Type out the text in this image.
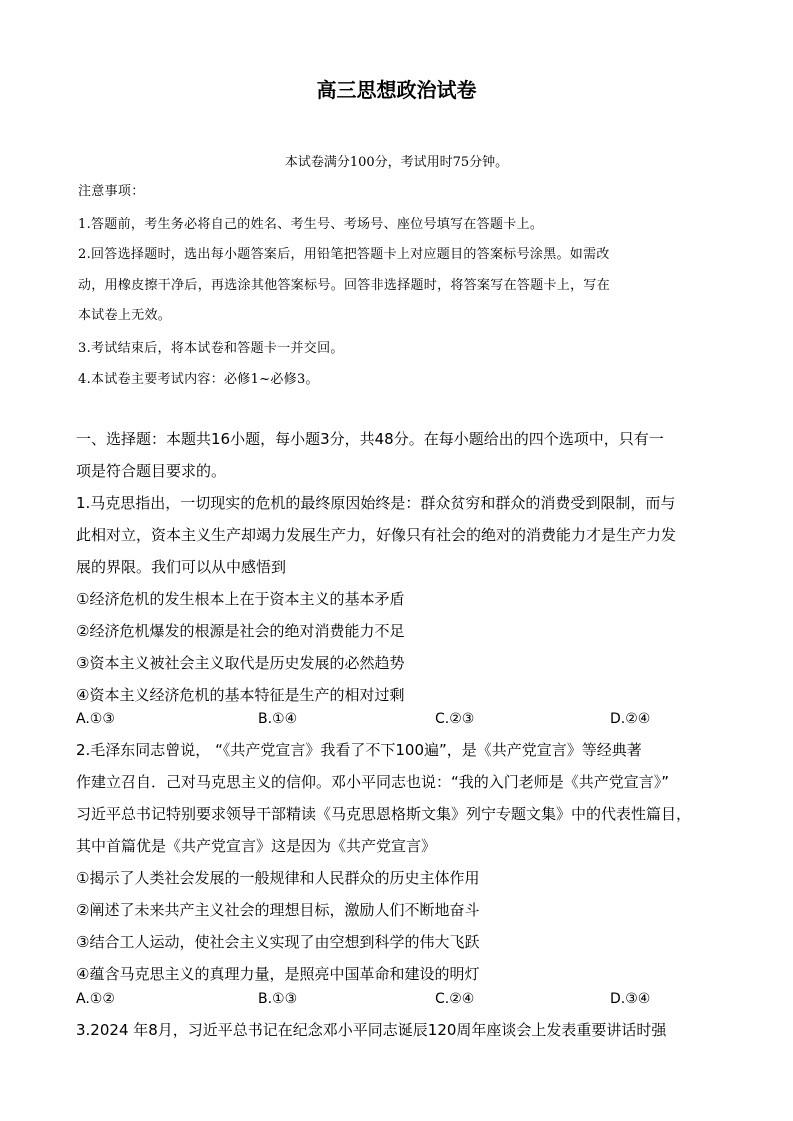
高三思想政治试卷
本试卷满分100分，考试用时75分钟。
注意事项：
1.答题前，考生务必将自己的姓名、考生号、考场号、座位号填写在答题卡上。
2.回答选择题时，选出每小题答案后，用铅笔把答题卡上对应题目的答案标号涂黑。如需改
动，用橡皮擦干净后，再选涂其他答案标号。回答非选择题时，将答案写在答题卡上，写在
本试卷上无效。
3.考试结束后，将本试卷和答题卡一并交回。
4.本试卷主要考试内容：必修1~必修3。
一、选择题：本题共16小题，每小题3分，共48分。在每小题给出的四个选项中，只有一
项是符合题目要求的。
1.马克思指出，一切现实的危机的最终原因始终是：群众贫穷和群众的消费受到限制，而与
此相对立，资本主义生产却竭力发展生产力，好像只有社会的绝对的消费能力才是生产力发
展的界限。我们可以从中感悟到
①经济危机的发生根本上在于资本主义的基本矛盾
②经济危机爆发的根源是社会的绝对消费能力不足
③资本主义被社会主义取代是历史发展的必然趋势
④资本主义经济危机的基本特征是生产的相对过剩
A.①③	B.①④	C.②③	D.②④
2.毛泽东同志曾说， “《共产党宣言》我看了不下100遍”，是《共产党宣言》等经典著
作建立召自．己对马克思主义的信仰。邓小平同志也说：“我的入门老师是《共产党宣言》”
习近平总书记特别要求领导干部精读《马克思恩格斯文集》列宁专题文集》中的代表性篇目，
其中首篇优是《共产党宣言》这是因为《共产党宣言》
①揭示了人类社会发展的一般规律和人民群众的历史主体作用
②阐述了未来共产主义社会的理想目标，激励人们不断地奋斗
③结合工人运动，使社会主义实现了由空想到科学的伟大飞跃
④蕴含马克思主义的真理力量，是照亮中国革命和建设的明灯
A.①②	B.①③	C.②④	D.③④
3.2024 年8月，习近平总书记在纪念邓小平同志诞辰120周年座谈会上发表重要讲话时强
